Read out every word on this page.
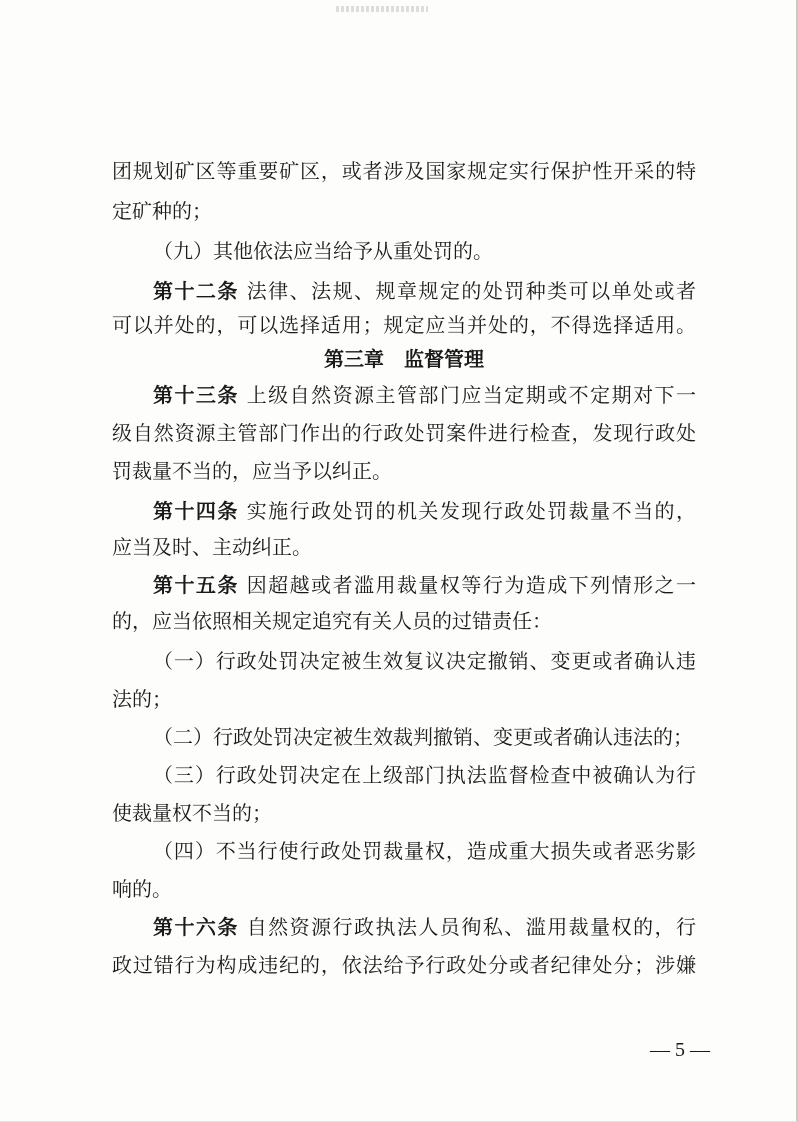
团规划矿区等重要矿区，或者涉及国家规定实行保护性开采的特
定矿种的；
（九）其他依法应当给予从重处罚的。
第十二条 法律、法规、规章规定的处罚种类可以单处或者
可以并处的，可以选择适用；规定应当并处的，不得选择适用。
第三章　监督管理
第十三条 上级自然资源主管部门应当定期或不定期对下一
级自然资源主管部门作出的行政处罚案件进行检查，发现行政处
罚裁量不当的，应当予以纠正。
第十四条 实施行政处罚的机关发现行政处罚裁量不当的，
应当及时、主动纠正。
第十五条 因超越或者滥用裁量权等行为造成下列情形之一
的，应当依照相关规定追究有关人员的过错责任：
（一）行政处罚决定被生效复议决定撤销、变更或者确认违
法的；
（二）行政处罚决定被生效裁判撤销、变更或者确认违法的；
（三）行政处罚决定在上级部门执法监督检查中被确认为行
使裁量权不当的；
（四）不当行使行政处罚裁量权，造成重大损失或者恶劣影
响的。
第十六条 自然资源行政执法人员徇私、滥用裁量权的，行
政过错行为构成违纪的，依法给予行政处分或者纪律处分；涉嫌
— 5 —
